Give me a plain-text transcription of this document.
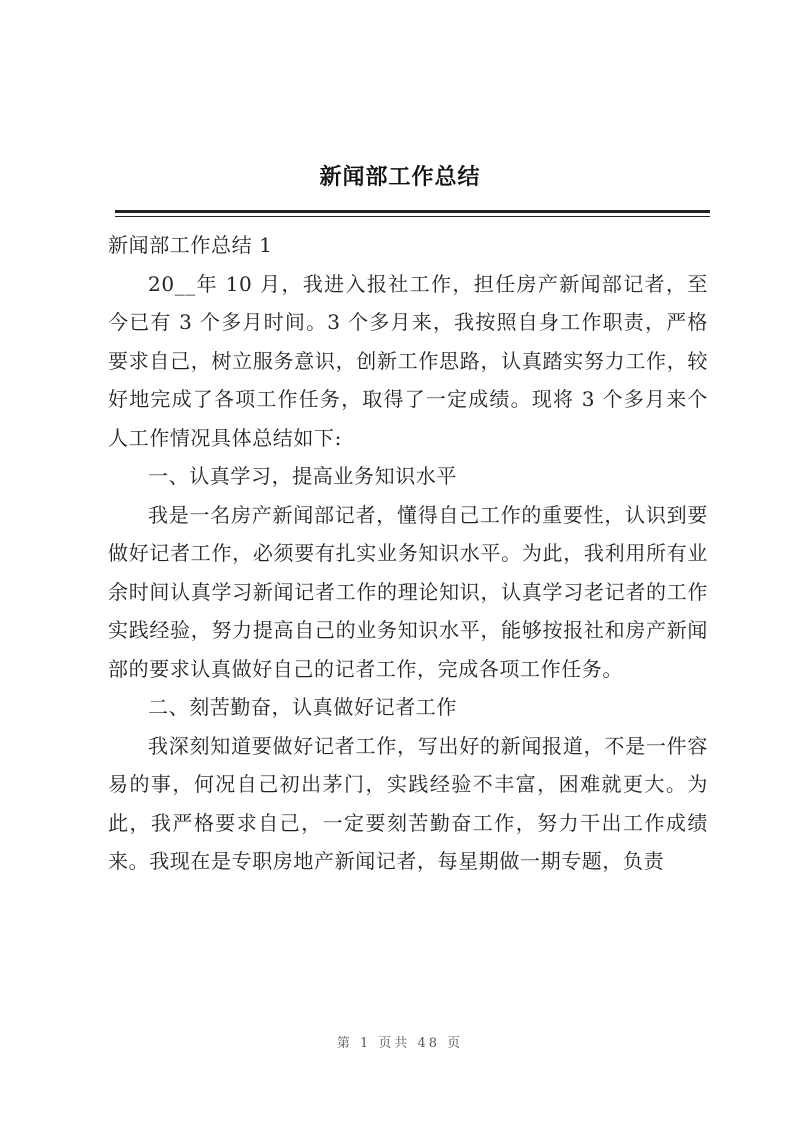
新闻部工作总结

新闻部工作总结 1

20__年 10 月，我进入报社工作，担任房产新闻部记者，至今已有 3 个多月时间。3 个多月来，我按照自身工作职责，严格要求自己，树立服务意识，创新工作思路，认真踏实努力工作，较好地完成了各项工作任务，取得了一定成绩。现将 3 个多月来个人工作情况具体总结如下:

一、认真学习，提高业务知识水平

我是一名房产新闻部记者，懂得自己工作的重要性，认识到要做好记者工作，必须要有扎实业务知识水平。为此，我利用所有业余时间认真学习新闻记者工作的理论知识，认真学习老记者的工作实践经验，努力提高自己的业务知识水平，能够按报社和房产新闻部的要求认真做好自己的记者工作，完成各项工作任务。

二、刻苦勤奋，认真做好记者工作

我深刻知道要做好记者工作，写出好的新闻报道，不是一件容易的事，何况自己初出茅门，实践经验不丰富，困难就更大。为此，我严格要求自己，一定要刻苦勤奋工作，努力干出工作成绩来。我现在是专职房地产新闻记者，每星期做一期专题，负责

第 1 页共 48 页
